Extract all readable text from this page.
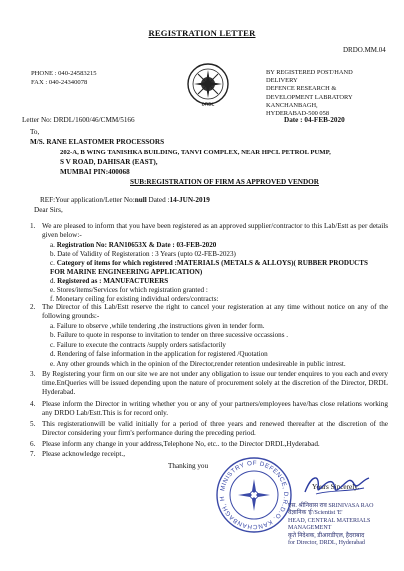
REGISTRATION LETTER
DRDO.MM.04
PHONE : 040-24583215
FAX : 040-24340078
DRDL
BY REGISTERED POST/HAND
DELIVERY
DEFENCE RESEARCH &
DEVELOPMENT LABRATORY
KANCHANBAGH,
HYDERABAD-500 058
Letter No: DRDL/1600/46/CMM/5166	Date : 04-FEB-2020
To,
M/S. RANE ELASTOMER PROCESSORS
202-A, B WING TANISHKA BUILDING, TANVI COMPLEX, NEAR HPCL PETROL PUMP,
S V ROAD, DAHISAR (EAST),
MUMBAI PIN:400068
SUB:REGISTRATION OF FIRM AS APPROVED VENDOR
REF:Your application/Letter No:null Dated :14-JUN-2019
Dear Sirs,
1. We are pleased to inform that you have been registered as an approved supplier/contractor to this Lab/Estt as per details given below:-
a. Registration No: RAN10653X & Date : 03-FEB-2020
b. Date of Validity of Registeration : 3 Years (upto 02-FEB-2023)
c. Category of items for which registered :MATERIALS (METALS & ALLOYS)( RUBBER PRODUCTS FOR MARINE ENGINEERING APPLICATION)
d. Registered as : MANUFACTURERS
e. Stores/items/Services for which registration granted :
f. Monetary ceiling for existing individual orders/contracts:
2. The Director of this Lab/Estt reserve the right to cancel your registeration at any time without notice on any of the following grounds:-
a. Failure to observe ,while tendering ,the instructions given in tender form.
b. Failure to quote in response to invitation to tender on three sucessive occassions .
c. Failure to execute the contracts /supply orders satisfactorily
d. Rendering of false information in the application for registered /Quotation
e. Any other grounds which in the opinion of the Director,render retention undesireable in public intrest.
3. By Registering your firm on our site we are not under any obligation to issue our tender enquires to you each and every time.EnQueries will be issued depending upon the nature of procurement solely at the discretion of the Director, DRDL Hyderabad.
4. Please inform the Director in writing whether you or any of your partners/employees have/has close relations working any DRDO Lab/Estt.This is for record only.
5. This registerationwill be valid initially for a period of three years and renewed thereafter at the discretion of the Director considering your firm's performance during the preceding period.
6. Please inform any change in your address,Telephone No, etc.. to the Director DRDL,Hyderabad.
7. Please acknowledge receipt.,
Thanking you
Yours Sincerely,
MINISTRY OF DEFENCE, D.R.D.O. KANCHANBAGH, H
एस. श्रीनिवास राव SRINIVASA RAO
वैज्ञानिक 'ई'/Scientist 'E'
HEAD, CENTRAL MATERIALS MANAGEMENT
कृते निदेशक, डीआरडीएल, हैदराबाद
for Director, DRDL, Hyderabad
